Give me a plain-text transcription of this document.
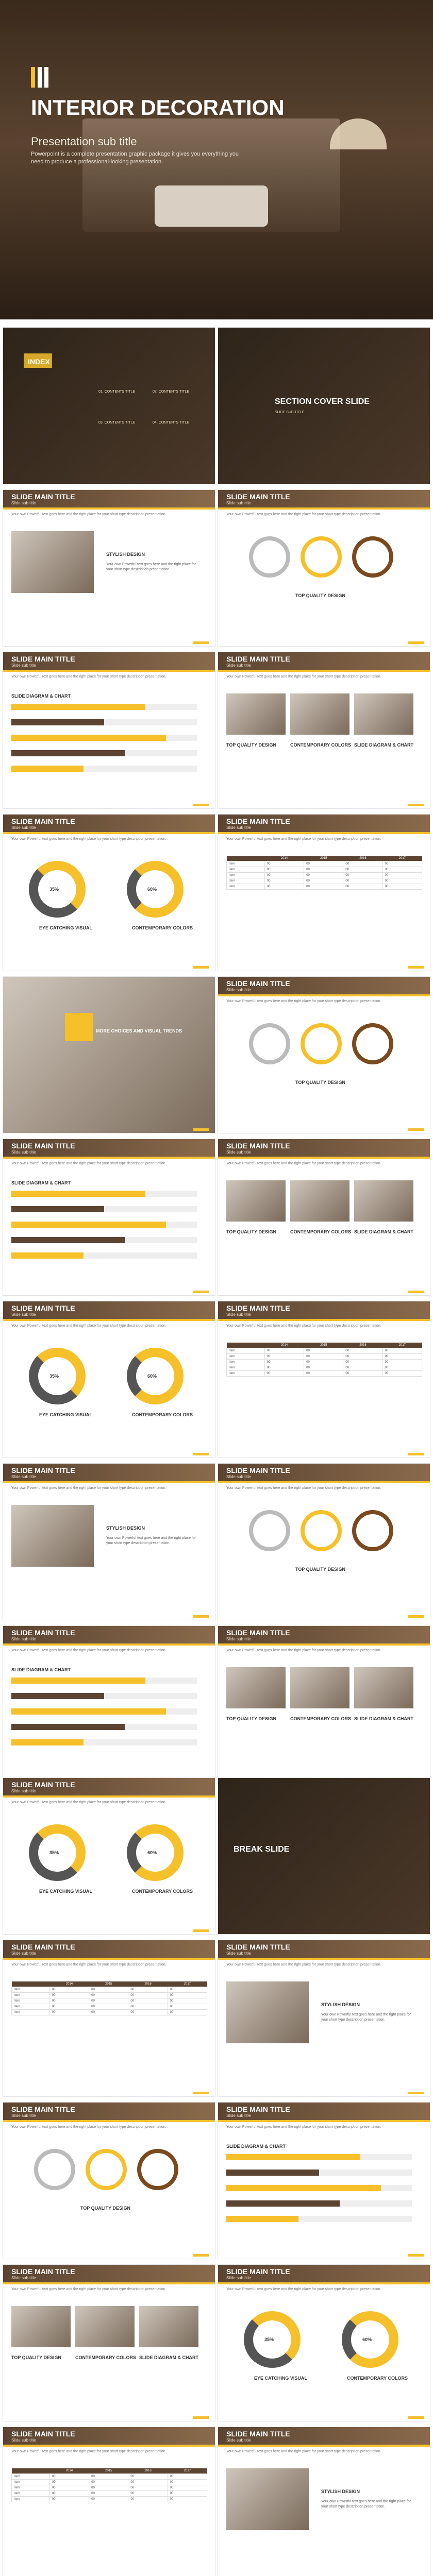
INTERIOR DECORATION
Presentation sub title

Powerpoint is a complete presentation graphic package it gives you everything you need to produce a professional-looking presentation.

INDEX
01. CONTENTS TITLE	02. CONTENTS TITLE
03. CONTENTS TITLE	04. CONTENTS TITLE
SECTION COVER SLIDE
SLIDE SUB TITLE
SLIDE MAIN TITLE
Slide sub title
Your own Powerful text goes here and the right place for your short type description presentation.
STYLISH DESIGN
Your own Powerful text goes here and the right place for your short type description presentation.
SLIDE MAIN TITLE
Slide sub title
Your own Powerful text goes here and the right place for your short type description presentation.
TOP QUALITY DESIGN
SLIDE MAIN TITLE
Slide sub title
Your own Powerful text goes here and the right place for your short type description presentation.
SLIDE DIAGRAM & CHART
SLIDE MAIN TITLE
Slide sub title
Your own Powerful text goes here and the right place for your short type description presentation.
TOP QUALITY DESIGN	CONTEMPORARY COLORS SLIDE DIAGRAM & CHART
SLIDE MAIN TITLE
Slide sub title
Your own Powerful text goes here and the right place for your short type description presentation.
35%	60%
EYE CATCHING VISUAL	CONTEMPORARY COLORS
SLIDE MAIN TITLE
Slide sub title
Your own Powerful text goes here and the right place for your short type description presentation.
	2014	2015	2016	2017
Item	00	00	00	00
Item	00	00	00	00
Item	00	00	00	00
Item	00	00	00	00
Item	00	00	00	00
MORE CHOICES AND VISUAL TRENDS
SLIDE MAIN TITLE
Slide sub title
Your own Powerful text goes here and the right place for your short type description presentation.
TOP QUALITY DESIGN
SLIDE MAIN TITLE
Slide sub title
Your own Powerful text goes here and the right place for your short type description presentation.
SLIDE DIAGRAM & CHART
SLIDE MAIN TITLE
Slide sub title
Your own Powerful text goes here and the right place for your short type description presentation.
TOP QUALITY DESIGN	CONTEMPORARY COLORS SLIDE DIAGRAM & CHART
SLIDE MAIN TITLE
Slide sub title
Your own Powerful text goes here and the right place for your short type description presentation.
35%	60%
EYE CATCHING VISUAL	CONTEMPORARY COLORS
SLIDE MAIN TITLE
Slide sub title
Your own Powerful text goes here and the right place for your short type description presentation.
	2014	2015	2016	2017
Item	00	00	00	00
Item	00	00	00	00
Item	00	00	00	00
Item	00	00	00	00
Item	00	00	00	00
SLIDE MAIN TITLE
Slide sub title
Your own Powerful text goes here and the right place for your short type description presentation.
STYLISH DESIGN
Your own Powerful text goes here and the right place for your short type description presentation.
SLIDE MAIN TITLE
Slide sub title
Your own Powerful text goes here and the right place for your short type description presentation.
TOP QUALITY DESIGN
SLIDE MAIN TITLE
Slide sub title
Your own Powerful text goes here and the right place for your short type description presentation.
SLIDE DIAGRAM & CHART
SLIDE MAIN TITLE
Slide sub title
Your own Powerful text goes here and the right place for your short type description presentation.
TOP QUALITY DESIGN	CONTEMPORARY COLORS SLIDE DIAGRAM & CHART
SLIDE MAIN TITLE
Slide sub title
Your own Powerful text goes here and the right place for your short type description presentation.
35%	60%
EYE CATCHING VISUAL	CONTEMPORARY COLORS
SLIDE MAIN TITLE
Slide sub title
Your own Powerful text goes here and the right place for your short type description presentation.
	2014	2015	2016	2017
Item	00	00	00	00
Item	00	00	00	00
Item	00	00	00	00
Item	00	00	00	00
Item	00	00	00	00
SLIDE MAIN TITLE
Slide sub title
Your own Powerful text goes here and the right place for your short type description presentation.
STYLISH DESIGN
Your own Powerful text goes here and the right place for your short type description presentation.
SLIDE MAIN TITLE
Slide sub title
Your own Powerful text goes here and the right place for your short type description presentation.
TOP QUALITY DESIGN
SLIDE MAIN TITLE
Slide sub title
Your own Powerful text goes here and the right place for your short type description presentation.
SLIDE DIAGRAM & CHART
SLIDE MAIN TITLE
Slide sub title
Your own Powerful text goes here and the right place for your short type description presentation.
TOP QUALITY DESIGN	CONTEMPORARY COLORS SLIDE DIAGRAM & CHART
SLIDE MAIN TITLE
Slide sub title
Your own Powerful text goes here and the right place for your short type description presentation.
35%	60%
EYE CATCHING VISUAL	CONTEMPORARY COLORS
SLIDE MAIN TITLE
Slide sub title
Your own Powerful text goes here and the right place for your short type description presentation.
	2014	2015	2016	2017
Item	00	00	00	00
Item	00	00	00	00
Item	00	00	00	00
Item	00	00	00	00
Item	00	00	00	00
SLIDE MAIN TITLE
Slide sub title
Your own Powerful text goes here and the right place for your short type description presentation.
STYLISH DESIGN
Your own Powerful text goes here and the right place for your short type description presentation.
BREAK SLIDE
